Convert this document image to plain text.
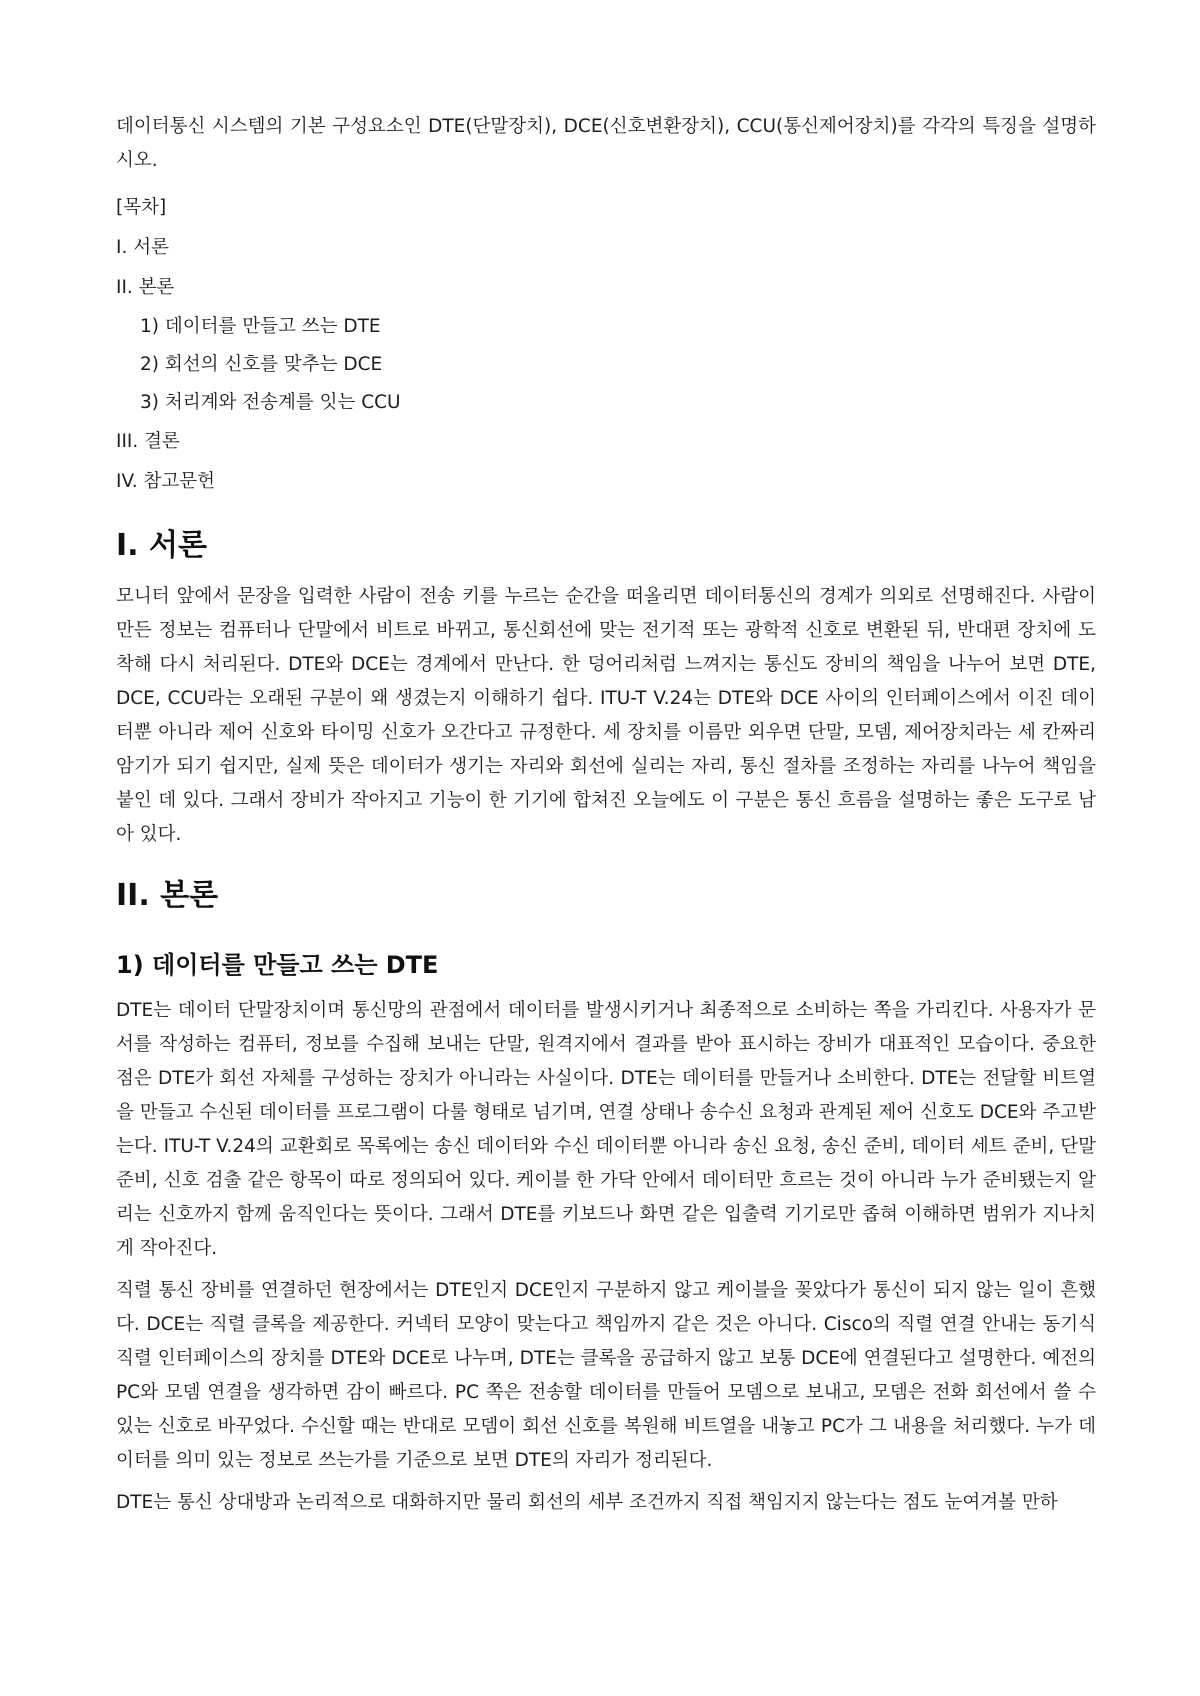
데이터통신 시스템의 기본 구성요소인 DTE(단말장치), DCE(신호변환장치), CCU(통신제어장치)를 각각의 특징을 설명하시오.

[목차]

I. 서론

II. 본론

1) 데이터를 만들고 쓰는 DTE

2) 회선의 신호를 맞추는 DCE

3) 처리계와 전송계를 잇는 CCU

III. 결론

IV. 참고문헌

I. 서론

모니터 앞에서 문장을 입력한 사람이 전송 키를 누르는 순간을 떠올리면 데이터통신의 경계가 의외로 선명해진다. 사람이 만든 정보는 컴퓨터나 단말에서 비트로 바뀌고, 통신회선에 맞는 전기적 또는 광학적 신호로 변환된 뒤, 반대편 장치에 도착해 다시 처리된다. DTE와 DCE는 경계에서 만난다. 한 덩어리처럼 느껴지는 통신도 장비의 책임을 나누어 보면 DTE, DCE, CCU라는 오래된 구분이 왜 생겼는지 이해하기 쉽다. ITU-T V.24는 DTE와 DCE 사이의 인터페이스에서 이진 데이터뿐 아니라 제어 신호와 타이밍 신호가 오간다고 규정한다. 세 장치를 이름만 외우면 단말, 모뎀, 제어장치라는 세 칸짜리 암기가 되기 쉽지만, 실제 뜻은 데이터가 생기는 자리와 회선에 실리는 자리, 통신 절차를 조정하는 자리를 나누어 책임을 붙인 데 있다. 그래서 장비가 작아지고 기능이 한 기기에 합쳐진 오늘에도 이 구분은 통신 흐름을 설명하는 좋은 도구로 남아 있다.

II. 본론
1) 데이터를 만들고 쓰는 DTE

DTE는 데이터 단말장치이며 통신망의 관점에서 데이터를 발생시키거나 최종적으로 소비하는 쪽을 가리킨다. 사용자가 문서를 작성하는 컴퓨터, 정보를 수집해 보내는 단말, 원격지에서 결과를 받아 표시하는 장비가 대표적인 모습이다. 중요한 점은 DTE가 회선 자체를 구성하는 장치가 아니라는 사실이다. DTE는 데이터를 만들거나 소비한다. DTE는 전달할 비트열을 만들고 수신된 데이터를 프로그램이 다룰 형태로 넘기며, 연결 상태나 송수신 요청과 관계된 제어 신호도 DCE와 주고받는다. ITU-T V.24의 교환회로 목록에는 송신 데이터와 수신 데이터뿐 아니라 송신 요청, 송신 준비, 데이터 세트 준비, 단말 준비, 신호 검출 같은 항목이 따로 정의되어 있다. 케이블 한 가닥 안에서 데이터만 흐르는 것이 아니라 누가 준비됐는지 알리는 신호까지 함께 움직인다는 뜻이다. 그래서 DTE를 키보드나 화면 같은 입출력 기기로만 좁혀 이해하면 범위가 지나치게 작아진다.

직렬 통신 장비를 연결하던 현장에서는 DTE인지 DCE인지 구분하지 않고 케이블을 꽂았다가 통신이 되지 않는 일이 흔했다. DCE는 직렬 클록을 제공한다. 커넥터 모양이 맞는다고 책임까지 같은 것은 아니다. Cisco의 직렬 연결 안내는 동기식 직렬 인터페이스의 장치를 DTE와 DCE로 나누며, DTE는 클록을 공급하지 않고 보통 DCE에 연결된다고 설명한다. 예전의 PC와 모뎀 연결을 생각하면 감이 빠르다. PC 쪽은 전송할 데이터를 만들어 모뎀으로 보내고, 모뎀은 전화 회선에서 쓸 수 있는 신호로 바꾸었다. 수신할 때는 반대로 모뎀이 회선 신호를 복원해 비트열을 내놓고 PC가 그 내용을 처리했다. 누가 데이터를 의미 있는 정보로 쓰는가를 기준으로 보면 DTE의 자리가 정리된다.

DTE는 통신 상대방과 논리적으로 대화하지만 물리 회선의 세부 조건까지 직접 책임지지 않는다는 점도 눈여겨볼 만하
